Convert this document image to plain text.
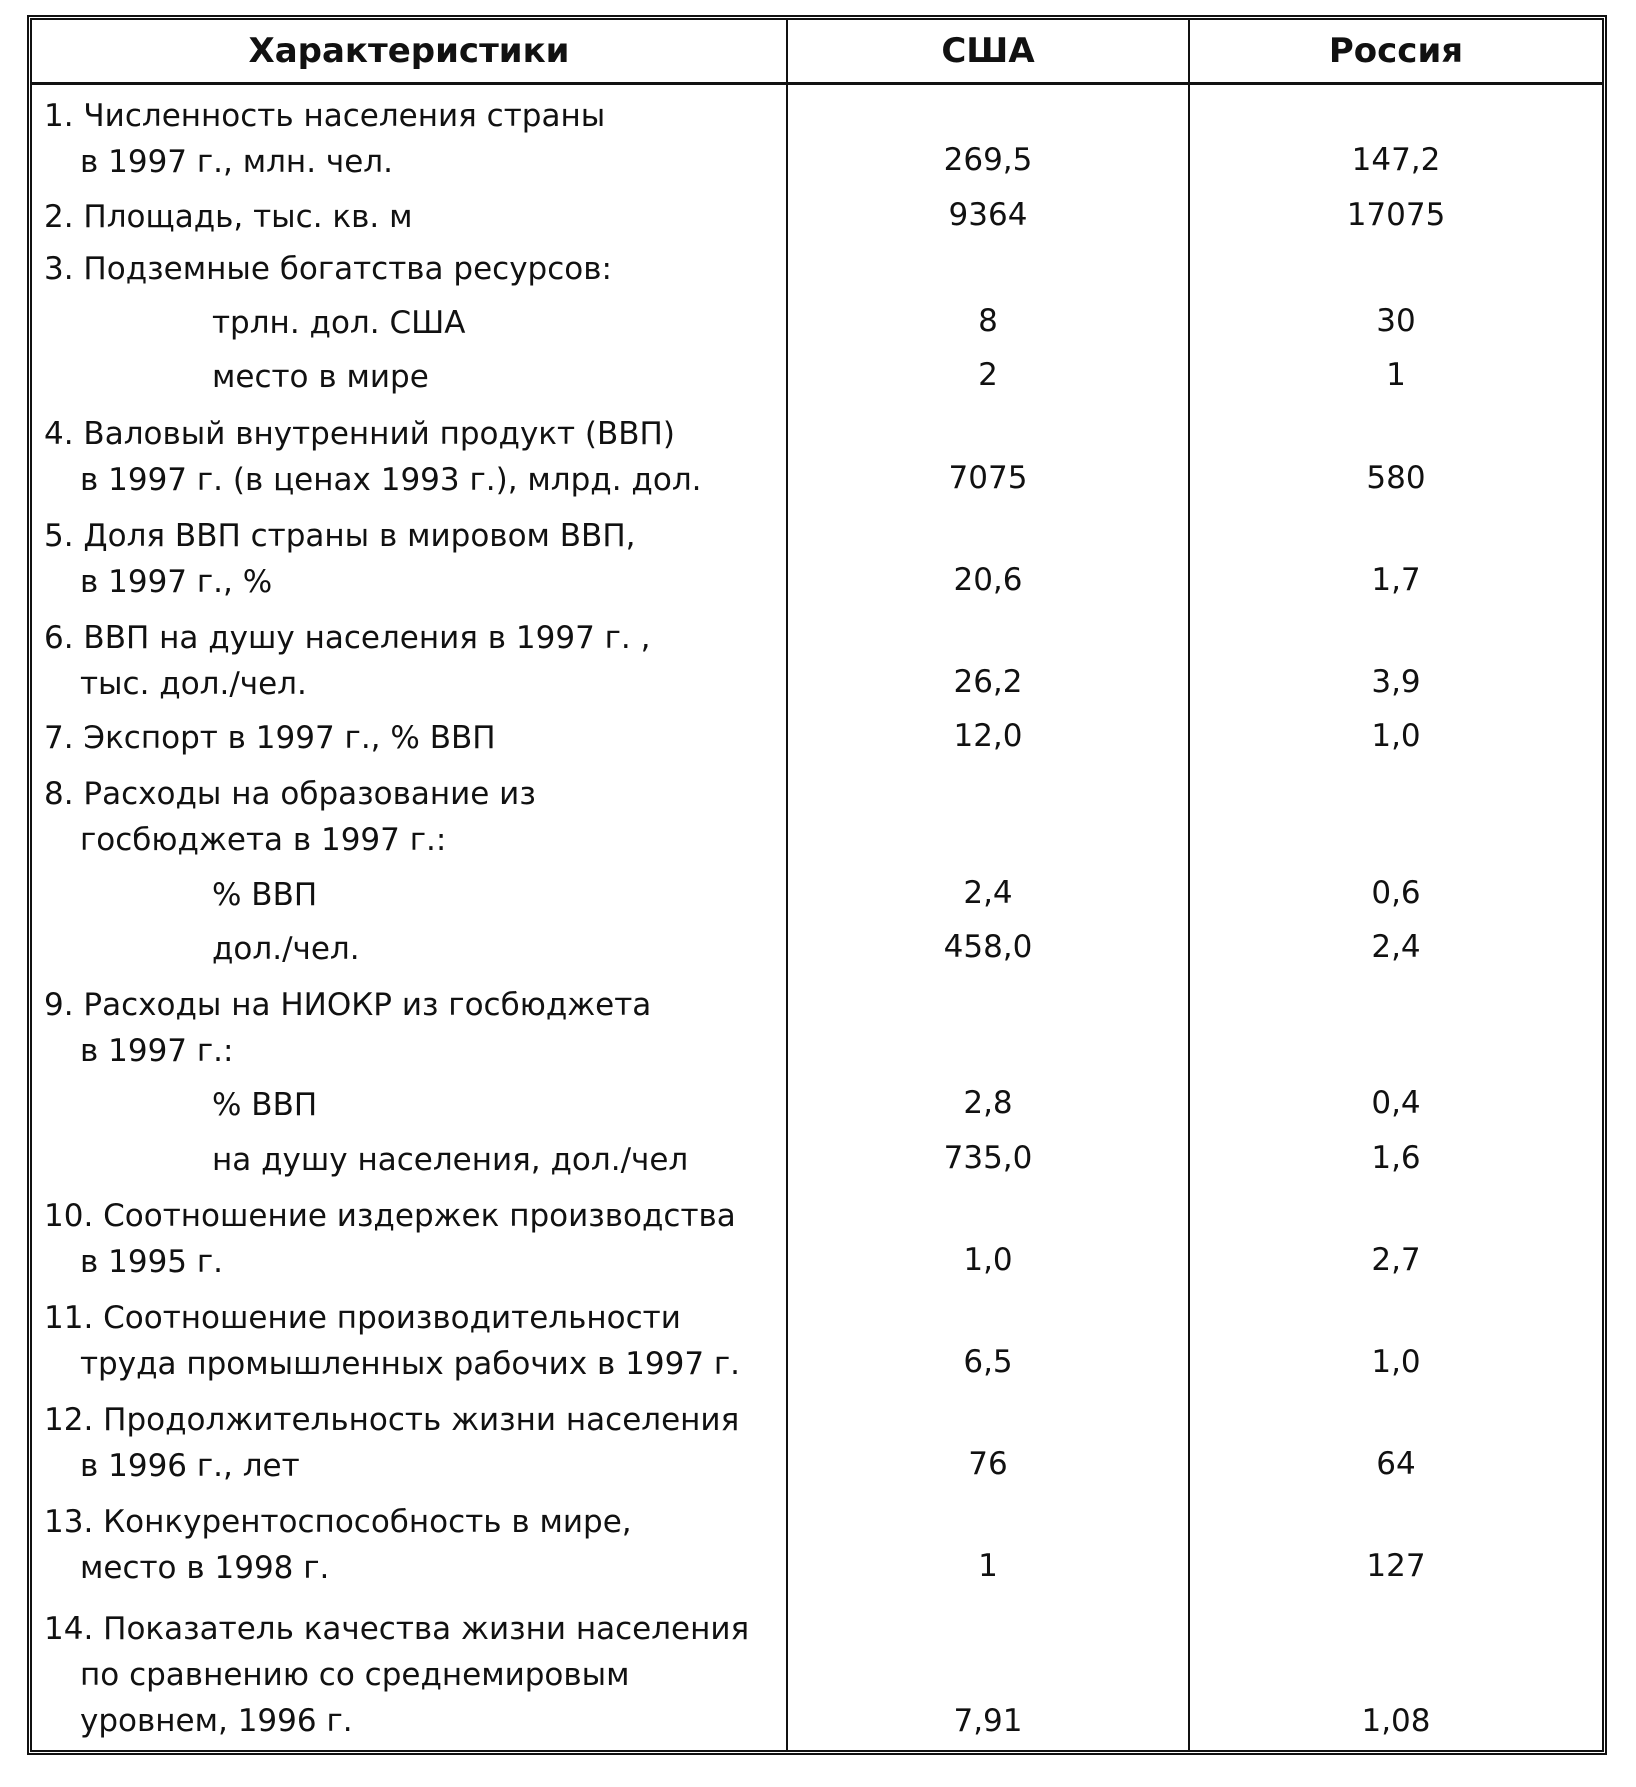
Характеристики	США	Россия

1. Численность населения страны
в 1997 г., млн. чел.	269,5	147,2

2. Площадь, тыс. кв. м	9364	17075

3. Подземные богатства ресурсов:		

трлн. дол. США	8	30

место в мире	2	1

4. Валовый внутренний продукт (ВВП)
в 1997 г. (в ценах 1993 г.), млрд. дол.	7075	580

5. Доля ВВП страны в мировом ВВП,
в 1997 г., %	20,6	1,7

6. ВВП на душу населения в 1997 г. ,
тыс. дол./чел.	26,2	3,9

7. Экспорт в 1997 г., % ВВП	12,0	1,0

8. Расходы на образование из
госбюджета в 1997 г.:		

% ВВП	2,4	0,6

дол./чел.	458,0	2,4

9. Расходы на НИОКР из госбюджета
в 1997 г.:		

% ВВП	2,8	0,4

на душу населения, дол./чел	735,0	1,6

10. Соотношение издержек производства
в 1995 г.	1,0	2,7

11. Соотношение производительности
труда промышленных рабочих в 1997 г.	6,5	1,0

12. Продолжительность жизни населения
в 1996 г., лет	76	64

13. Конкурентоспособность в мире,
место в 1998 г.	1	127

14. Показатель качества жизни населения
по сравнению со среднемировым
уровнем, 1996 г.	7,91	1,08
